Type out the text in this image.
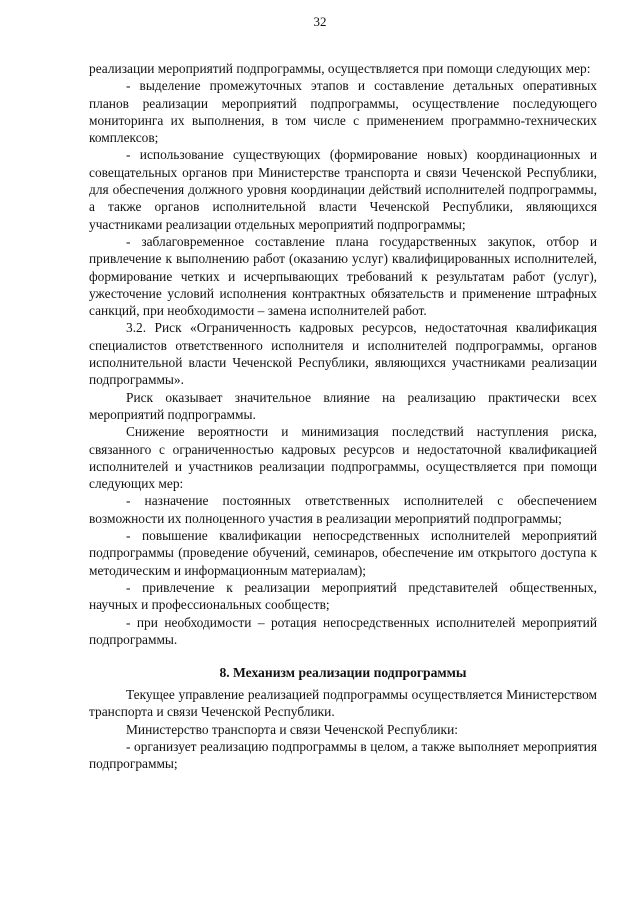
32

реализации мероприятий подпрограммы, осуществляется при помощи следующих мер:

- выделение промежуточных этапов и составление детальных оперативных планов реализации мероприятий подпрограммы, осуществление последующего мониторинга их выполнения, в том числе с применением программно-технических комплексов;

- использование существующих (формирование новых) координационных и совещательных органов при Министерстве транспорта и связи Чеченской Республики, для обеспечения должного уровня координации действий исполнителей подпрограммы, а также органов исполнительной власти Чеченской Республики, являющихся участниками реализации отдельных мероприятий подпрограммы;

- заблаговременное составление плана государственных закупок, отбор и привлечение к выполнению работ (оказанию услуг) квалифицированных исполнителей, формирование четких и исчерпывающих требований к результатам работ (услуг), ужесточение условий исполнения контрактных обязательств и применение штрафных санкций, при необходимости – замена исполнителей работ.

3.2. Риск «Ограниченность кадровых ресурсов, недостаточная квалификация специалистов ответственного исполнителя и исполнителей подпрограммы, органов исполнительной власти Чеченской Республики, являющихся участниками реализации подпрограммы».

Риск оказывает значительное влияние на реализацию практически всех мероприятий подпрограммы.

Снижение вероятности и минимизация последствий наступления риска, связанного с ограниченностью кадровых ресурсов и недостаточной квалификацией исполнителей и участников реализации подпрограммы, осуществляется при помощи следующих мер:

- назначение постоянных ответственных исполнителей с обеспечением возможности их полноценного участия в реализации мероприятий подпрограммы;

- повышение квалификации непосредственных исполнителей мероприятий подпрограммы (проведение обучений, семинаров, обеспечение им открытого доступа к методическим и информационным материалам);

- привлечение к реализации мероприятий представителей общественных, научных и профессиональных сообществ;

- при необходимости – ротация непосредственных исполнителей мероприятий подпрограммы.

8. Механизм реализации подпрограммы

Текущее управление реализацией подпрограммы осуществляется Министерством транспорта и связи Чеченской Республики.

Министерство транспорта и связи Чеченской Республики:

- организует реализацию подпрограммы в целом, а также выполняет мероприятия подпрограммы;
